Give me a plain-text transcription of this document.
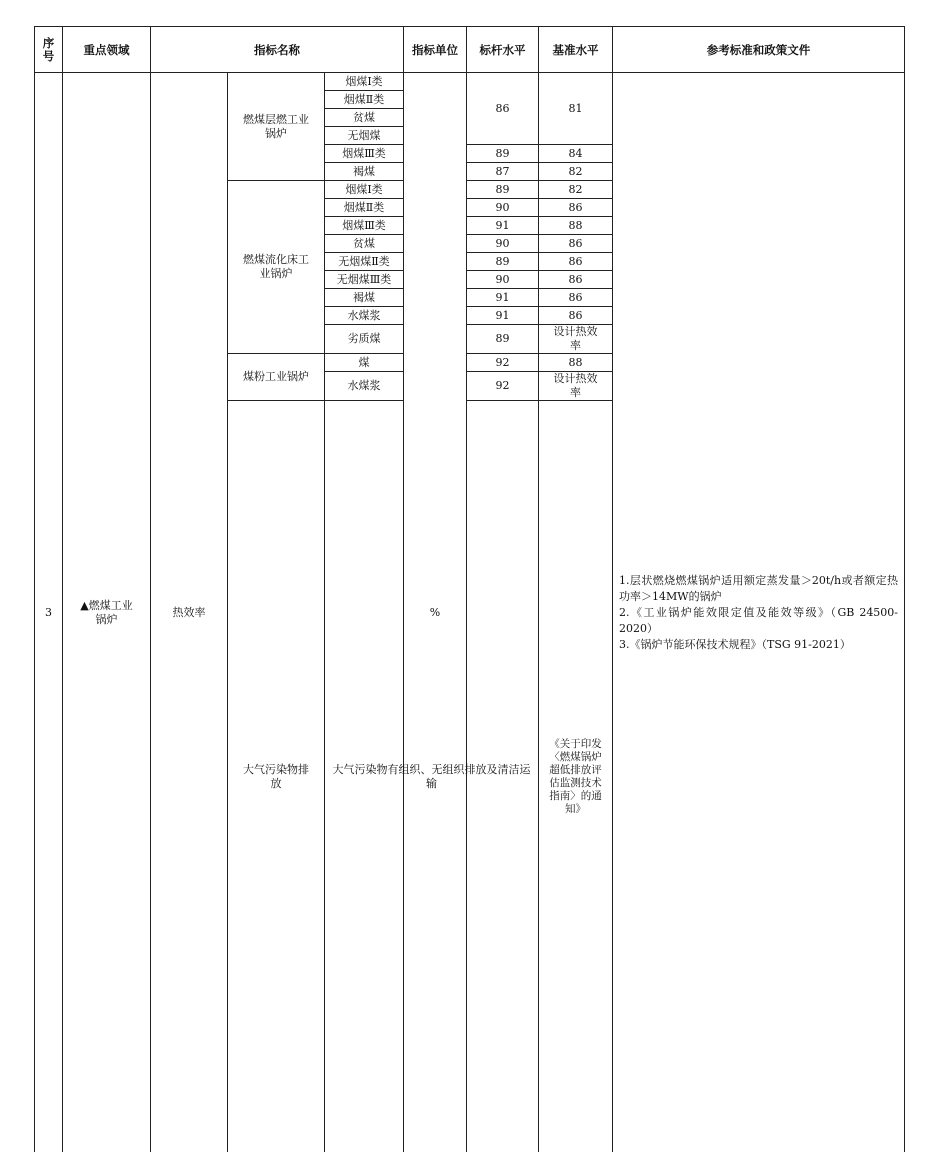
序号	重点领域	指标名称			指标单位	标杆水平	基准水平	参考标准和政策文件	
3	▲燃煤工业锅炉	热效率	燃煤层燃工业锅炉	烟煤Ⅰ类	%	86	81	1.层状燃烧燃煤锅炉适用额定蒸发量＞20t/h或者额定热功率＞14MW的锅炉
2.《工业锅炉能效限定值及能效等级》（GB 24500-2020）
3.《锅炉节能环保技术规程》（TSG 91-2021）	

				烟煤Ⅱ类					
				贫煤					
				无烟煤					
				烟煤Ⅲ类		89	84		
				褐煤		87	82		
			燃煤流化床工业锅炉	烟煤Ⅰ类		89	82		
				烟煤Ⅱ类		90	86		
				烟煤Ⅲ类		91	88		
				贫煤		90	86		
				无烟煤Ⅱ类		89	86		
				无烟煤Ⅲ类		90	86		
				褐煤		91	86		
				水煤浆		91	86		
				劣质煤		89	设计热效率		
			煤粉工业锅炉	煤		92	88		
				水煤浆		92	设计热效率		
			大气污染物排放	大气污染物有组织、无组织排放及清洁运输			《关于印发〈燃煤锅炉超低排放评估监测技术指南〉的通知》		
